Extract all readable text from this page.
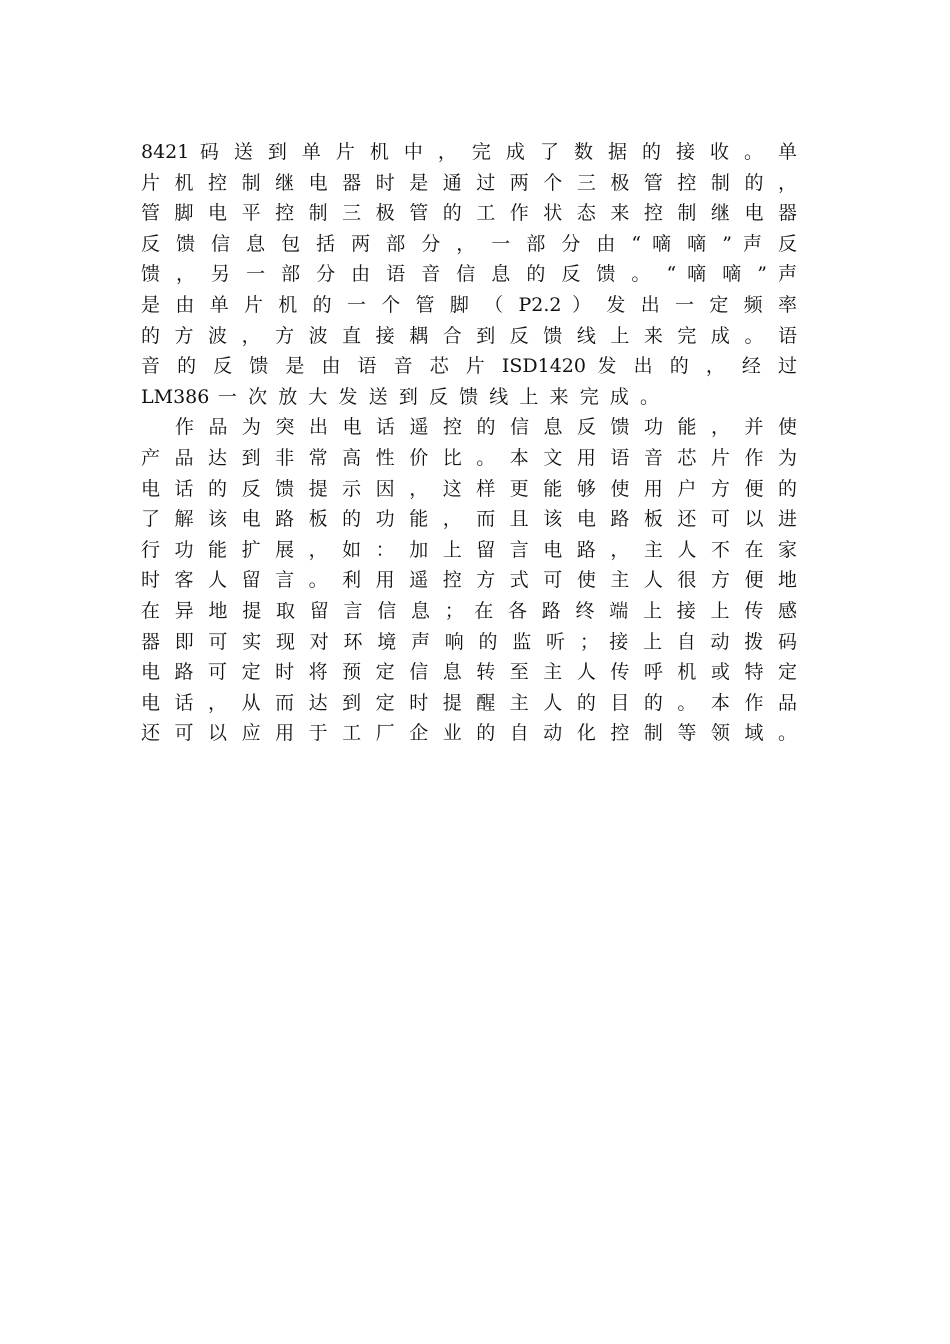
8421 码 送 到 单 片 机 中 ， 完 成 了 数 据 的 接 收 。 单
片 机 控 制 继 电 器 时 是 通 过 两 个 三 极 管 控 制 的 ，
管 脚 电 平 控 制 三 极 管 的 工 作 状 态 来 控 制 继 电 器
反 馈 信 息 包 括 两 部 分 ， 一 部 分 由 “ 嘀 嘀 ” 声 反
馈 ， 另 一 部 分 由 语 音 信 息 的 反 馈 。 “ 嘀 嘀 ” 声
是 由 单 片 机 的 一 个 管 脚 （ P2.2 ） 发 出 一 定 频 率
的 方 波 ， 方 波 直 接 耦 合 到 反 馈 线 上 来 完 成 。 语
音 的 反 馈 是 由 语 音 芯 片 ISD1420 发 出 的 ， 经 过
LM386 一 次 放 大 发 送 到 反 馈 线 上 来 完 成 。
作 品 为 突 出 电 话 遥 控 的 信 息 反 馈 功 能 ， 并 使
产 品 达 到 非 常 高 性 价 比 。 本 文 用 语 音 芯 片 作 为
电 话 的 反 馈 提 示 因 ， 这 样 更 能 够 使 用 户 方 便 的
了 解 该 电 路 板 的 功 能 ， 而 且 该 电 路 板 还 可 以 进
行 功 能 扩 展 ， 如 ： 加 上 留 言 电 路 ， 主 人 不 在 家
时 客 人 留 言 。 利 用 遥 控 方 式 可 使 主 人 很 方 便 地
在 异 地 提 取 留 言 信 息 ； 在 各 路 终 端 上 接 上 传 感
器 即 可 实 现 对 环 境 声 响 的 监 听 ； 接 上 自 动 拨 码
电 路 可 定 时 将 预 定 信 息 转 至 主 人 传 呼 机 或 特 定
电 话 ， 从 而 达 到 定 时 提 醒 主 人 的 目 的 。 本 作 品
还 可 以 应 用 于 工 厂 企 业 的 自 动 化 控 制 等 领 域 。
